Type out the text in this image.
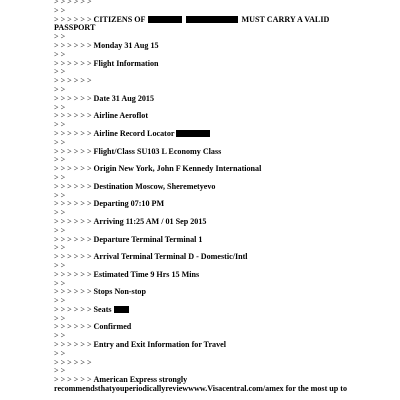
> > > > > >
> >
> > > > > > CITIZENS OF	MUST CARRY A VALID
PASSPORT
> >
> > > > > > Monday 31 Aug 15
> >
> > > > > > Flight Information
> >
> > > > > >
> >
> > > > > > Date 31 Aug 2015
> >
> > > > > > Airline Aeroflot
> >
> > > > > > Airline Record Locator
> >
> > > > > > Flight/Class SU103 L Economy Class
> >
> > > > > > Origin New York, John F Kennedy International
> >
> > > > > > Destination Moscow, Sheremetyevo
> >
> > > > > > Departing 07:10 PM
> >
> > > > > > Arriving 11:25 AM / 01 Sep 2015
> >
> > > > > > Departure Terminal Terminal 1
> >
> > > > > > Arrival Terminal Terminal D - Domestic/Intl
> >
> > > > > > Estimated Time 9 Hrs 15 Mins
> >
> > > > > > Stops Non-stop
> >
> > > > > > Seats
> >
> > > > > > Confirmed
> >
> > > > > > Entry and Exit Information for Travel
> >
> > > > > >
> >
> > > > > > American Express strongly
recommendsthatyouperiodicallyreviewwww.Visacentral.com/amex for the most up to
